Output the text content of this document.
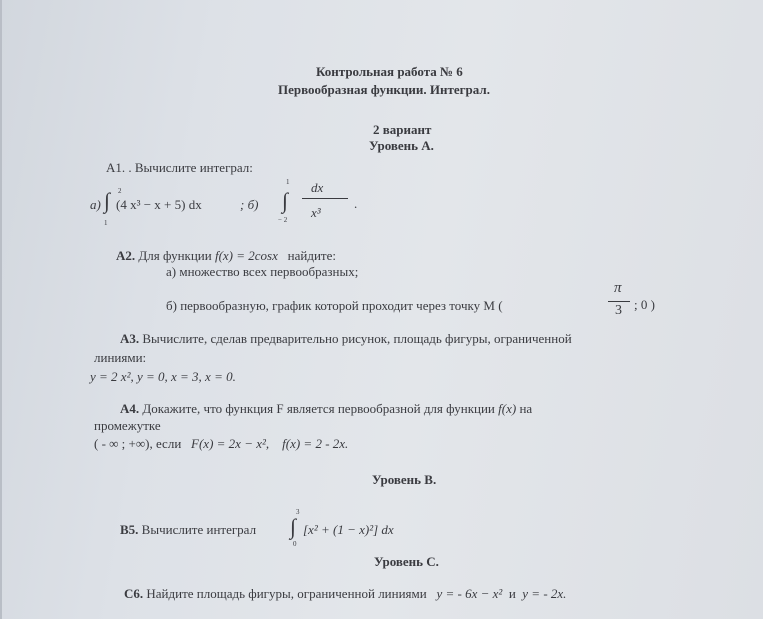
Контрольная работа № 6
Первообразная функции. Интеграл.
2 вариант
Уровень А.
А1. . Вычислите интеграл:
а) ∫ 2
1
(4 x³ − x + 5) dx	; б) ∫
1
− 2
dx
x³
.
А2. Для функции f(x) = 2cosx найдите:
а) множество всех первообразных;
б) первообразную, график которой проходит через точку М (
π
3 ; 0 )
А3. Вычислите, сделав предварительно рисунок, площадь фигуры, ограниченной
линиями:
y = 2 x², y = 0, x = 3, x = 0.
А4. Докажите, что функция F является первообразной для функции f(x) на
промежутке
( - ∞ ; +∞), если F(x) = 2x − x², f(x) = 2 - 2x.
Уровень В.
В5. Вычислите интеграл ∫
3
0
[x² + (1 − x)²] dx
Уровень С.
С6. Найдите площадь фигуры, ограниченной линиями y = - 6x − x² и y = - 2x.
